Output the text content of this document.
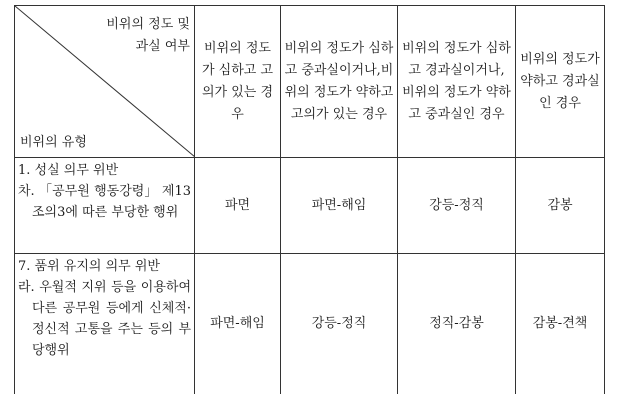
비위의 정도 및
과실 여부
비위의 유형	비위의 정도가 심하고 고의가 있는 경우	비위의 정도가 심하고 중과실이거나,비위의 정도가 약하고 고의가 있는 경우	비위의 정도가 심하고 경과실이거나, 비위의 정도가 약하고 중과실인 경우	비위의 정도가 약하고 경과실인 경우

1. 성실 의무 위반
차. 「공무원 행동강령」 제13조의3에 따른 부당한 행위	파면	파면-해임	강등-정직	감봉

7. 품위 유지의 의무 위반
라. 우월적 지위 등을 이용하여 다른 공무원 등에게 신체적·정신적 고통을 주는 등의 부당행위	파면-해임	강등-정직	정직-감봉	감봉-견책
